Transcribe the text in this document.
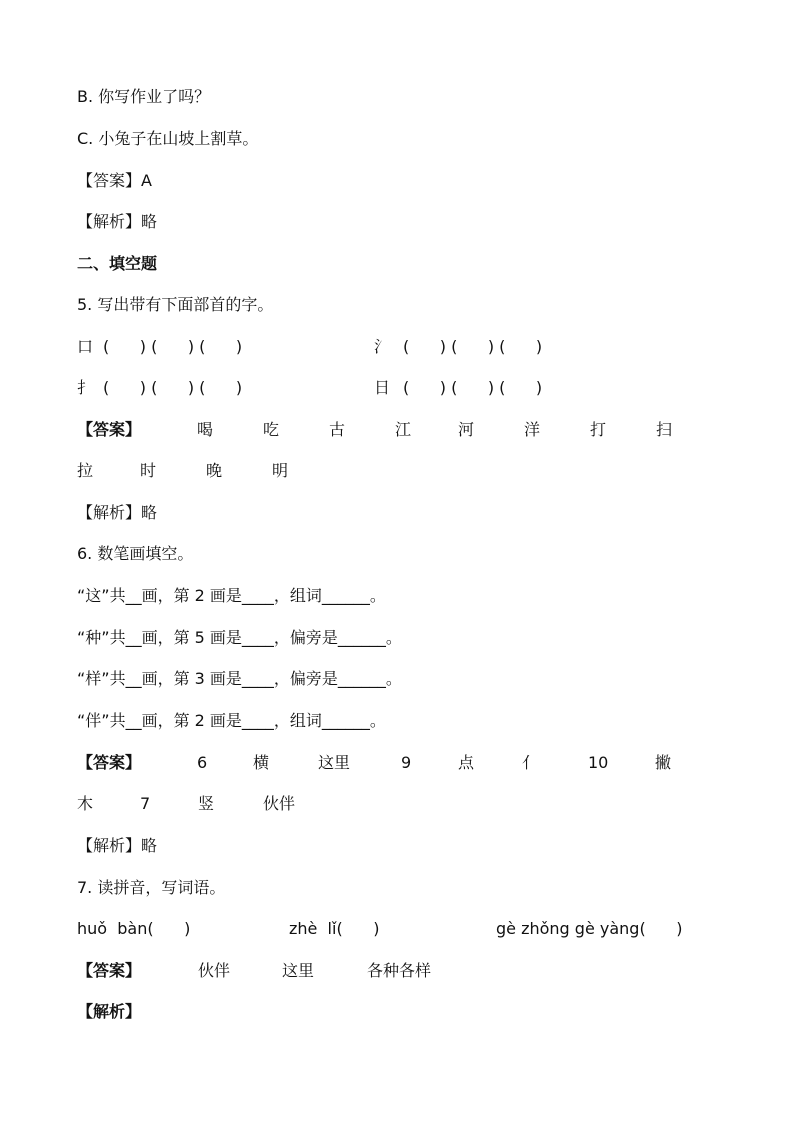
B. 你写作业了吗？
C. 小兔子在山坡上割草。
【答案】A
【解析】略
二、填空题
5. 写出带有下面部首的字。
口 (      ) (      ) (      )	氵 (      ) (      ) (      )
扌 (      ) (      ) (      )	日 (      ) (      ) (      )
【答案】	喝	吃	古	江	河	洋	打	扫
拉	时	晚	明
【解析】略
6. 数笔画填空。
“这”共__画，第 2 画是____，组词______。
“种”共__画，第 5 画是____，偏旁是______。
“样”共__画，第 3 画是____，偏旁是______。
“伴”共__画，第 2 画是____，组词______。
【答案】	6	横	这里	9	点	亻	10	撇
木	7	竖	伙伴
【解析】略
7. 读拼音，写词语。
huǒ  bàn(      )	zhè  lǐ(      )	gè zhǒng gè yàng(      )
【答案】	伙伴	这里	各种各样
【解析】
